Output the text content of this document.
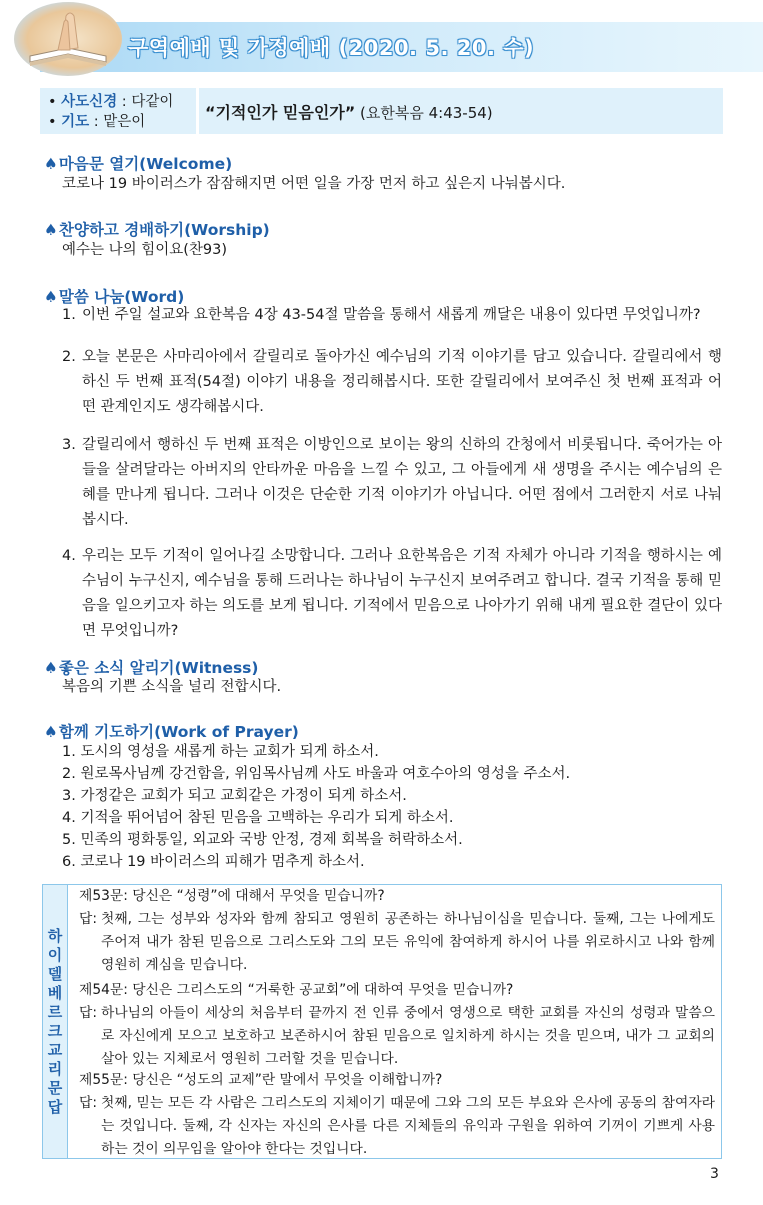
구역예배 및 가정예배 (2020. 5. 20. 수)
• 사도신경 : 다같이
• 기도 : 맡은이	“기적인가 믿음인가” (요한복음 4:43-54)
♠마음문 열기(Welcome)
코로나 19 바이러스가 잠잠해지면 어떤 일을 가장 먼저 하고 싶은지 나눠봅시다.
♠찬양하고 경배하기(Worship)
예수는 나의 힘이요(찬93)
♠말씀 나눔(Word)
1. 이번 주일 설교와 요한복음 4장 43-54절 말씀을 통해서 새롭게 깨달은 내용이 있다면 무엇입니까?
2. 오늘 본문은 사마리아에서 갈릴리로 돌아가신 예수님의 기적 이야기를 담고 있습니다. 갈릴리에서 행하신 두 번째 표적(54절) 이야기 내용을 정리해봅시다. 또한 갈릴리에서 보여주신 첫 번째 표적과 어떤 관계인지도 생각해봅시다.
3. 갈릴리에서 행하신 두 번째 표적은 이방인으로 보이는 왕의 신하의 간청에서 비롯됩니다. 죽어가는 아들을 살려달라는 아버지의 안타까운 마음을 느낄 수 있고, 그 아들에게 새 생명을 주시는 예수님의 은혜를 만나게 됩니다. 그러나 이것은 단순한 기적 이야기가 아닙니다. 어떤 점에서 그러한지 서로 나눠봅시다.
4. 우리는 모두 기적이 일어나길 소망합니다. 그러나 요한복음은 기적 자체가 아니라 기적을 행하시는 예수님이 누구신지, 예수님을 통해 드러나는 하나님이 누구신지 보여주려고 합니다. 결국 기적을 통해 믿음을 일으키고자 하는 의도를 보게 됩니다. 기적에서 믿음으로 나아가기 위해 내게 필요한 결단이 있다면 무엇입니까?
♠좋은 소식 알리기(Witness)
복음의 기쁜 소식을 널리 전합시다.
♠함께 기도하기(Work of Prayer)
1. 도시의 영성을 새롭게 하는 교회가 되게 하소서.
2. 원로목사님께 강건함을, 위임목사님께 사도 바울과 여호수아의 영성을 주소서.
3. 가정같은 교회가 되고 교회같은 가정이 되게 하소서.
4. 기적을 뛰어넘어 참된 믿음을 고백하는 우리가 되게 하소서.
5. 민족의 평화통일, 외교와 국방 안정, 경제 회복을 허락하소서.
6. 코로나 19 바이러스의 피해가 멈추게 하소서.
하
이
델
베
르
크
교
리
문
답
제53문: 당신은 “성령”에 대해서 무엇을 믿습니까?
답: 첫째, 그는 성부와 성자와 함께 참되고 영원히 공존하는 하나님이심을 믿습니다. 둘째, 그는 나에게도 주어져 내가 참된 믿음으로 그리스도와 그의 모든 유익에 참여하게 하시어 나를 위로하시고 나와 함께 영원히 계심을 믿습니다.
제54문: 당신은 그리스도의 “거룩한 공교회”에 대하여 무엇을 믿습니까?
답: 하나님의 아들이 세상의 처음부터 끝까지 전 인류 중에서 영생으로 택한 교회를 자신의 성령과 말씀으로 자신에게 모으고 보호하고 보존하시어 참된 믿음으로 일치하게 하시는 것을 믿으며, 내가 그 교회의 살아 있는 지체로서 영원히 그러할 것을 믿습니다.
제55문: 당신은 “성도의 교제”란 말에서 무엇을 이해합니까?
답: 첫째, 믿는 모든 각 사람은 그리스도의 지체이기 때문에 그와 그의 모든 부요와 은사에 공동의 참여자라는 것입니다. 둘째, 각 신자는 자신의 은사를 다른 지체들의 유익과 구원을 위하여 기꺼이 기쁘게 사용하는 것이 의무임을 알아야 한다는 것입니다.
3
